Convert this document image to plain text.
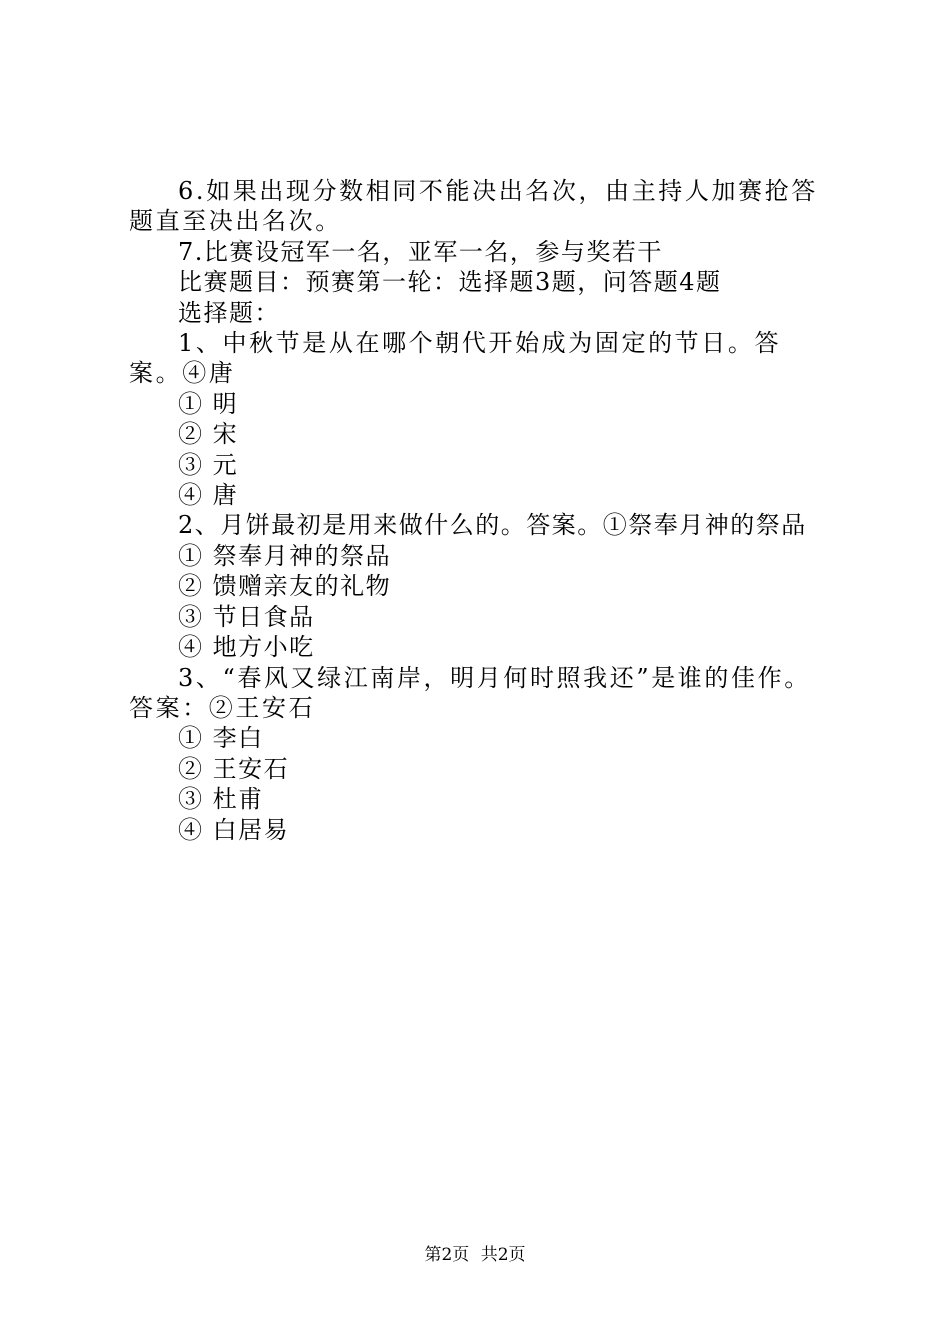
6.如果出现分数相同不能决出名次，由主持人加赛抢答题直至决出名次。
7.比赛设冠军一名，亚军一名，参与奖若干
比赛题目：预赛第一轮：选择题3题，问答题4题
选择题：
1、中秋节是从在哪个朝代开始成为固定的节日。答案。④唐
① 明
② 宋
③ 元
④ 唐
2、月饼最初是用来做什么的。答案。①祭奉月神的祭品
① 祭奉月神的祭品
② 馈赠亲友的礼物
③ 节日食品
④ 地方小吃
3、“春风又绿江南岸，明月何时照我还”是谁的佳作。答案：②王安石
① 李白
② 王安石
③ 杜甫
④ 白居易
第2页 共2页
